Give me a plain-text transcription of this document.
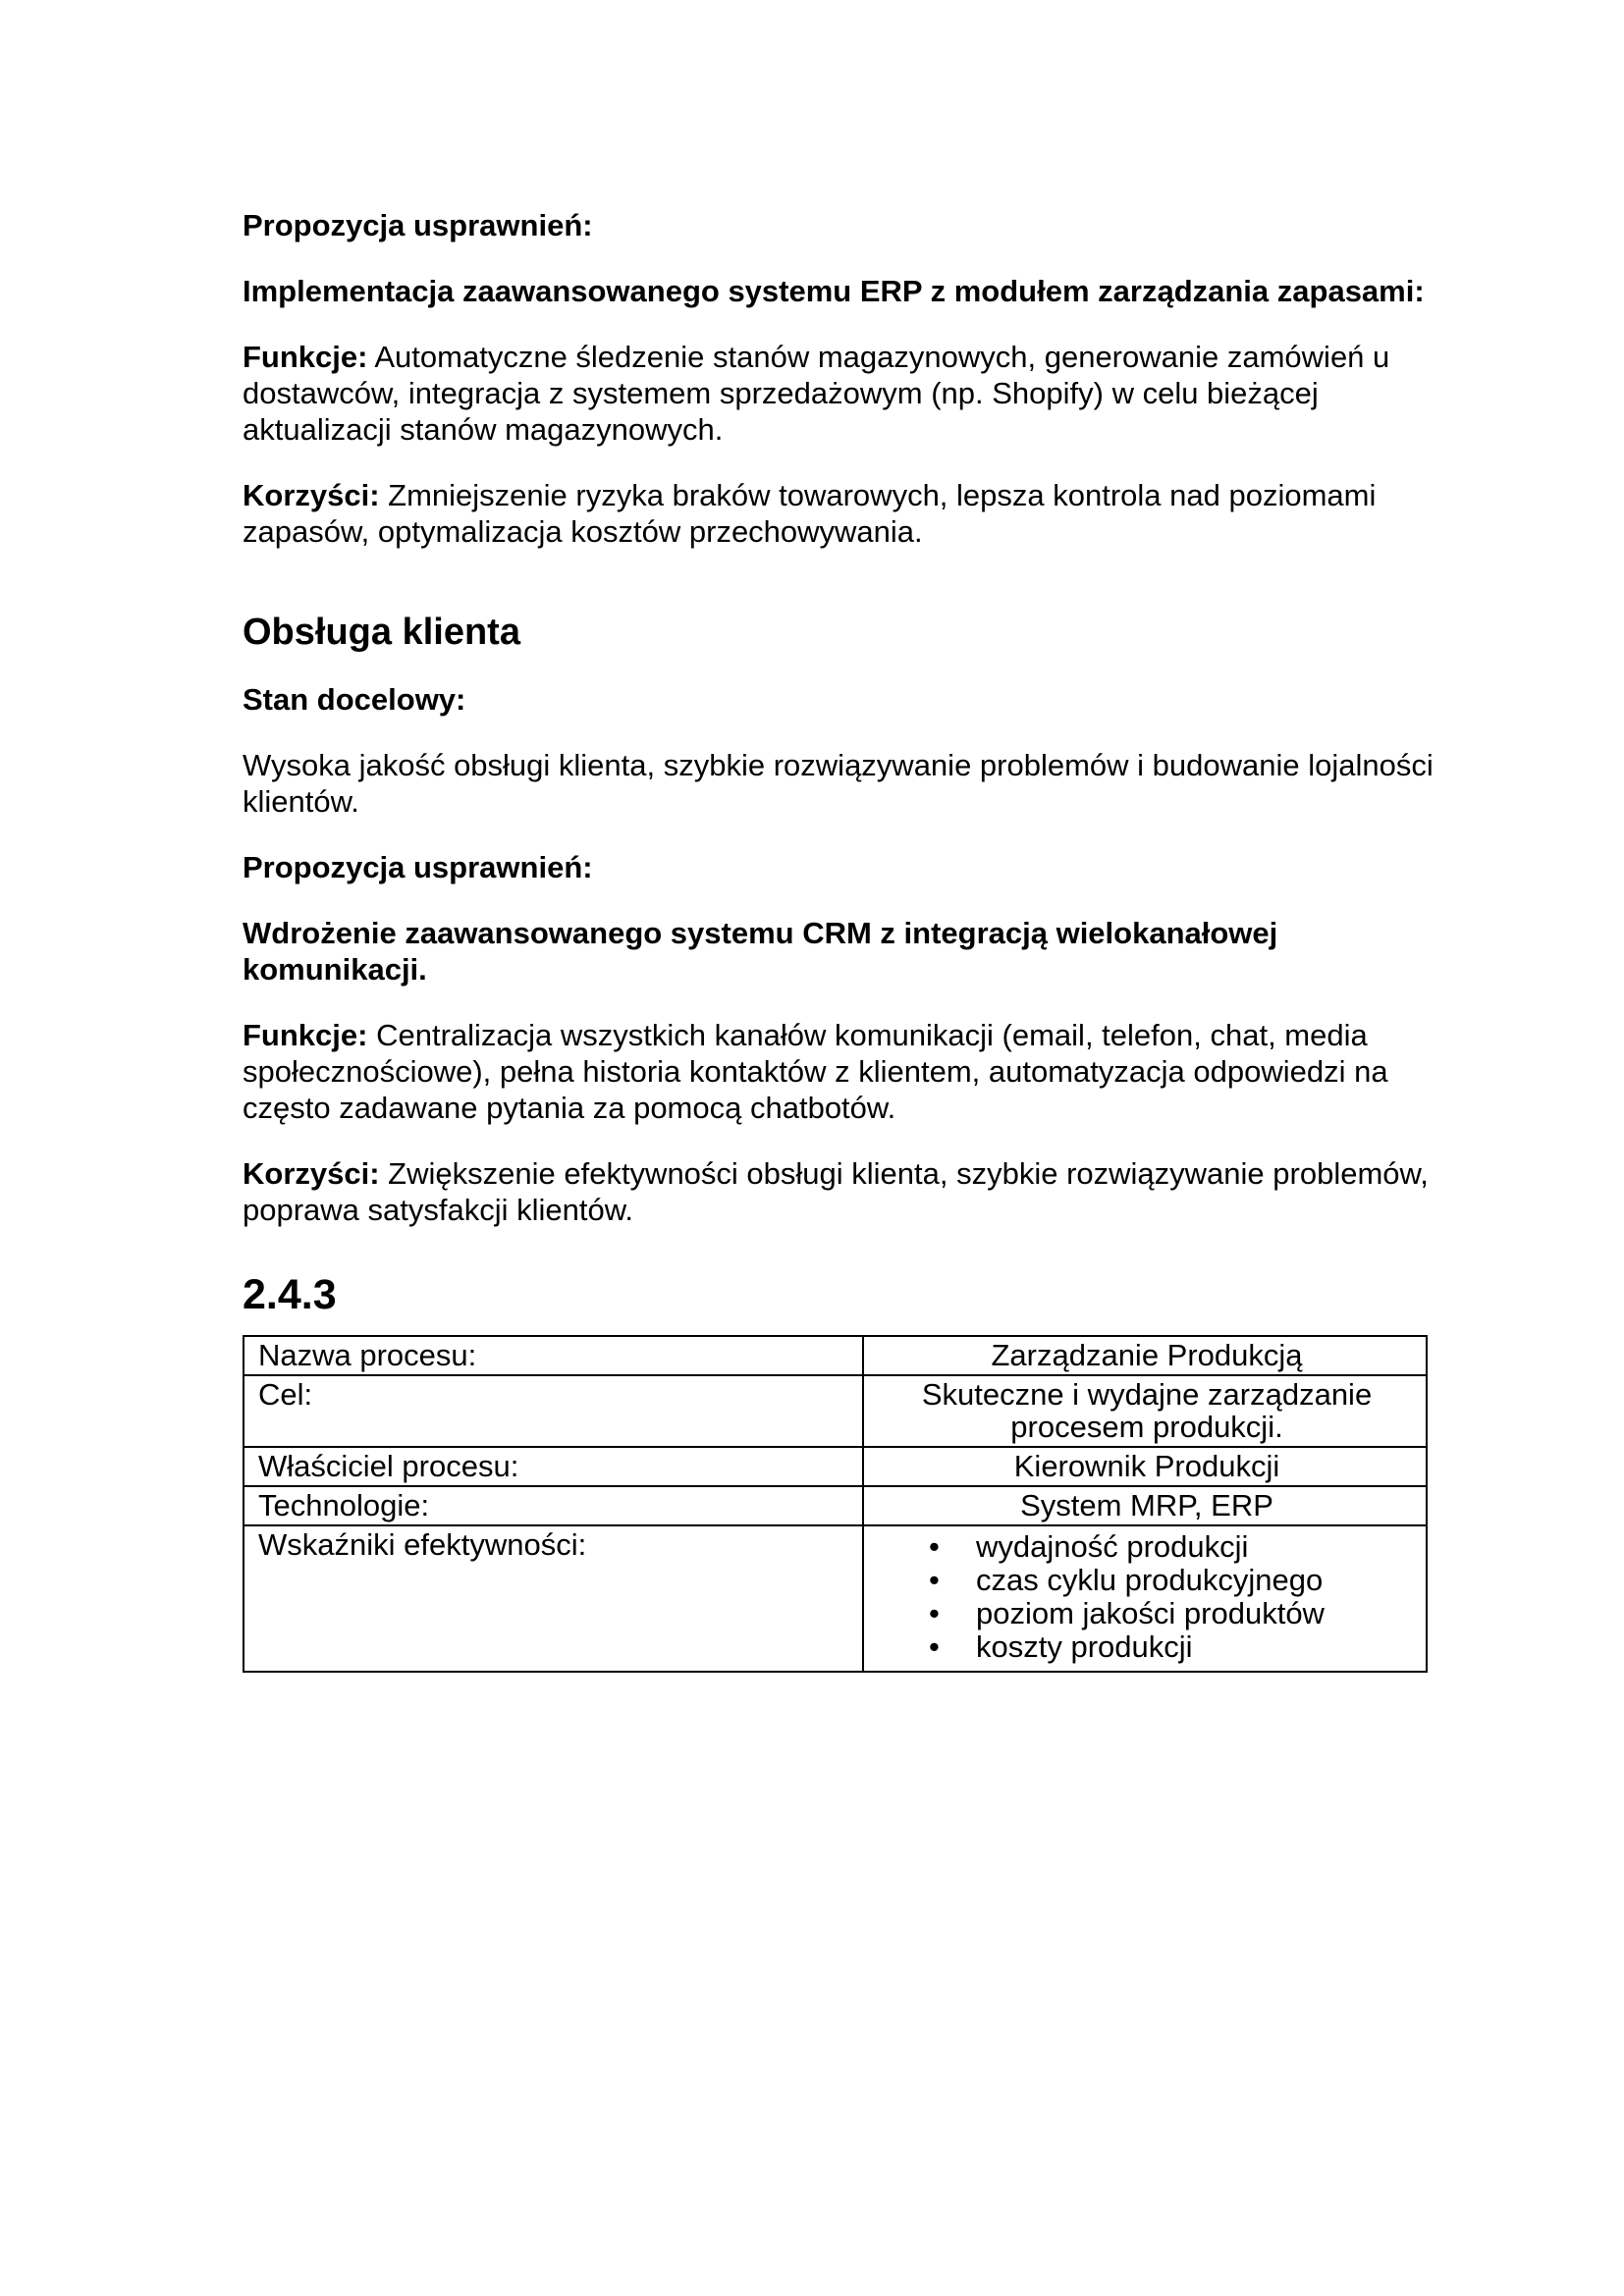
Propozycja usprawnień:

Implementacja zaawansowanego systemu ERP z modułem zarządzania zapasami:

Funkcje: Automatyczne śledzenie stanów magazynowych, generowanie zamówień u dostawców, integracja z systemem sprzedażowym (np. Shopify) w celu bieżącej aktualizacji stanów magazynowych.

Korzyści: Zmniejszenie ryzyka braków towarowych, lepsza kontrola nad poziomami zapasów, optymalizacja kosztów przechowywania.

Obsługa klienta

Stan docelowy:

Wysoka jakość obsługi klienta, szybkie rozwiązywanie problemów i budowanie lojalności klientów.

Propozycja usprawnień:

Wdrożenie zaawansowanego systemu CRM z integracją wielokanałowej komunikacji.

Funkcje: Centralizacja wszystkich kanałów komunikacji (email, telefon, chat, media społecznościowe), pełna historia kontaktów z klientem, automatyzacja odpowiedzi na często zadawane pytania za pomocą chatbotów.

Korzyści: Zwiększenie efektywności obsługi klienta, szybkie rozwiązywanie problemów, poprawa satysfakcji klientów.

2.4.3
Nazwa procesu:	Zarządzanie Produkcją
Cel:	Skuteczne i wydajne zarządzanie procesem produkcji.
Właściciel procesu:	Kierownik Produkcji
Technologie:	System MRP, ERP
Wskaźniki efektywności:	
•wydajność produkcji
• czas cyklu produkcyjnego
• poziom jakości produktów
• koszty produkcji
